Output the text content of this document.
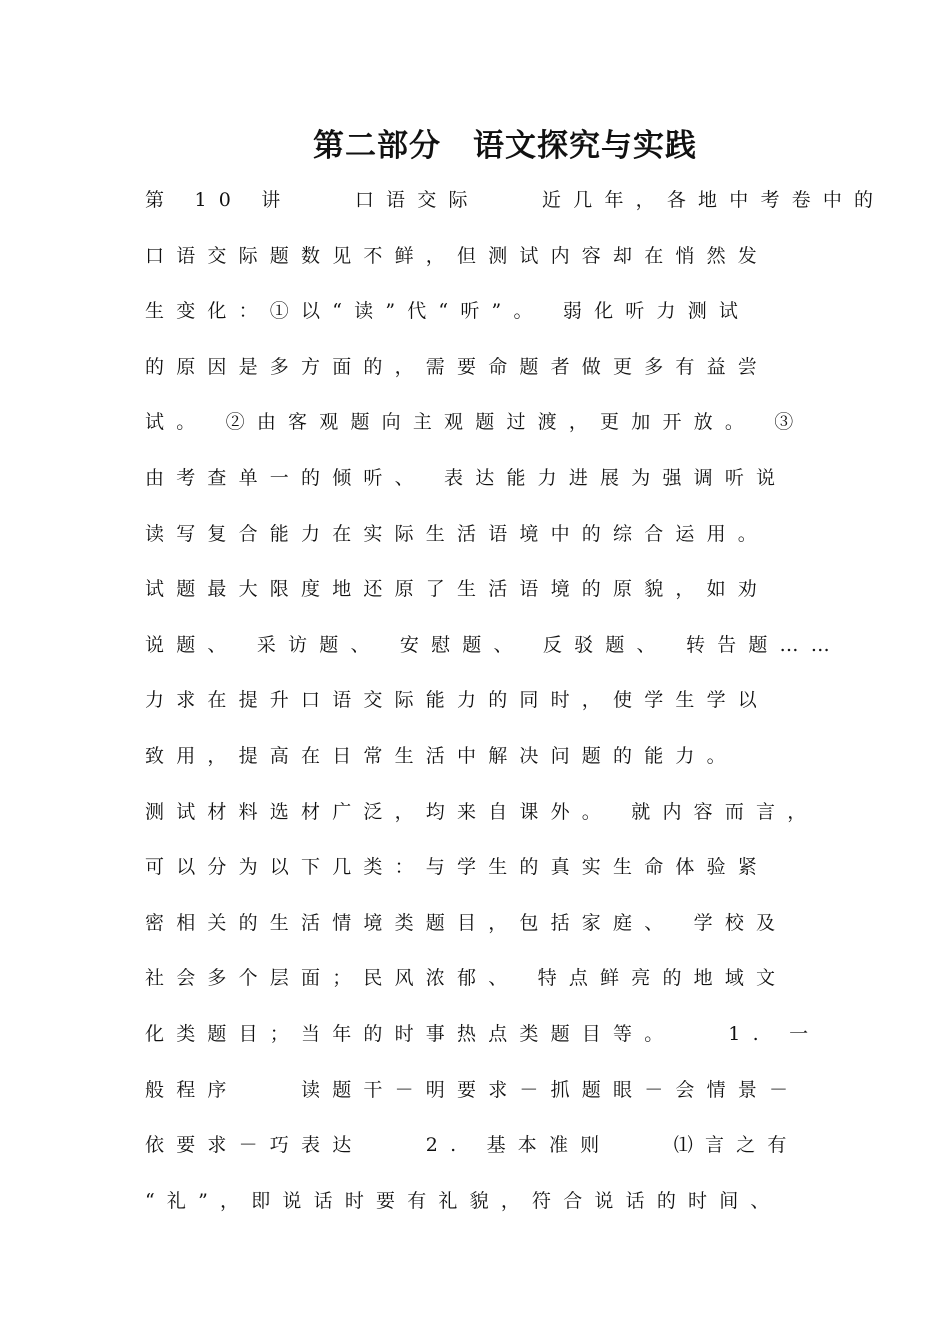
第二部分　语文探究与实践
第 10 讲　　口语交际　　近几年，各地中考卷中的
口语交际题数见不鲜，但测试内容却在悄然发
生变化：①以“读”代“听”。 弱化听力测试
的原因是多方面的，需要命题者做更多有益尝
试。 ②由客观题向主观题过渡，更加开放。 ③
由考查单一的倾听、 表达能力进展为强调听说
读写复合能力在实际生活语境中的综合运用。
试题最大限度地还原了生活语境的原貌，如劝
说题、 采访题、 安慰题、 反驳题、 转告题……
力求在提升口语交际能力的同时，使学生学以
致用，提高在日常生活中解决问题的能力。
测试材料选材广泛，均来自课外。 就内容而言，
可以分为以下几类：与学生的真实生命体验紧
密相关的生活情境类题目，包括家庭、 学校及
社会多个层面；民风浓郁、 特点鲜亮的地域文
化类题目；当年的时事热点类题目等。　　1. 一
般程序　　读题干－明要求－抓题眼－会情景－
依要求－巧表达　　2. 基本准则　　⑴言之有
“礼”，即说话时要有礼貌，符合说话的时间、
